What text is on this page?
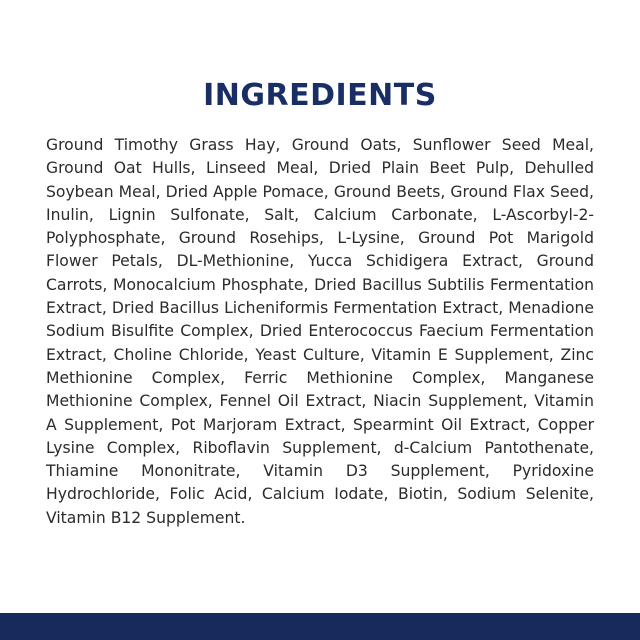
INGREDIENTS

Ground Timothy Grass Hay, Ground Oats, Sunflower Seed Meal, Ground Oat Hulls, Linseed Meal, Dried Plain Beet Pulp, Dehulled Soybean Meal, Dried Apple Pomace, Ground Beets, Ground Flax Seed, Inulin, Lignin Sulfonate, Salt, Calcium Carbonate, L-Ascorbyl-2-Polyphosphate, Ground Rosehips, L-Lysine, Ground Pot Marigold Flower Petals, DL-Methionine, Yucca Schidigera Extract, Ground Carrots, Monocalcium Phosphate, Dried Bacillus Subtilis Fermentation Extract, Dried Bacillus Licheniformis Fermentation Extract, Menadione Sodium Bisulfite Complex, Dried Enterococcus Faecium Fermentation Extract, Choline Chloride, Yeast Culture, Vitamin E Supplement, Zinc Methionine Complex, Ferric Methionine Complex, Manganese Methionine Complex, Fennel Oil Extract, Niacin Supplement, Vitamin A Supplement, Pot Marjoram Extract, Spearmint Oil Extract, Copper Lysine Complex, Riboflavin Supplement, d-Calcium Pantothenate, Thiamine Mononitrate, Vitamin D3 Supplement, Pyridoxine Hydrochloride, Folic Acid, Calcium Iodate, Biotin, Sodium Selenite, Vitamin B12 Supplement.
